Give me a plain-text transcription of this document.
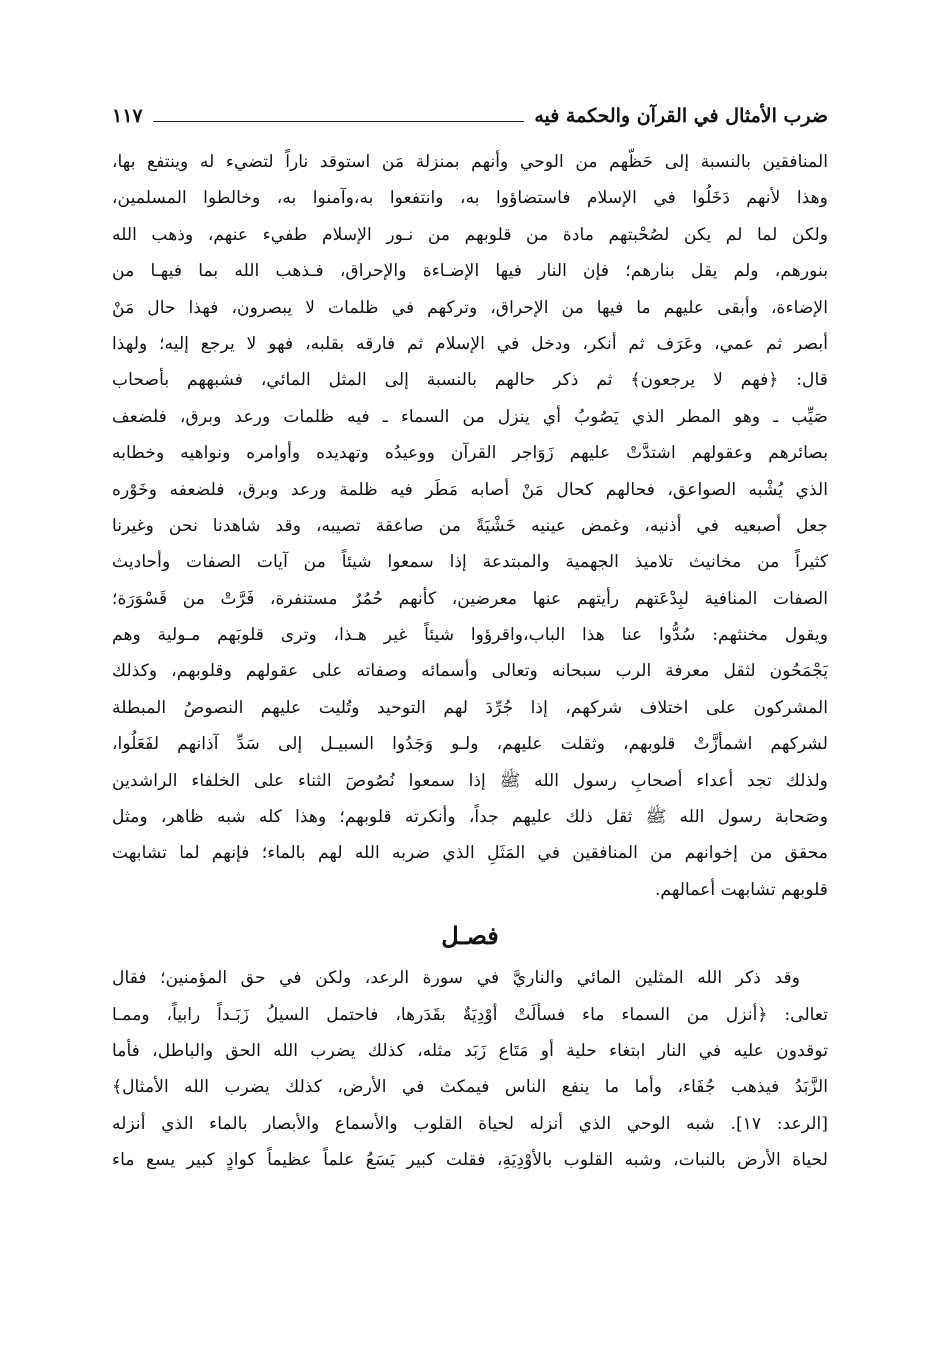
ضرب الأمثال في القرآن والحكمة فيه
١١٧
المنافقين بالنسبة إلى حَظّهم من الوحي وأنهم بمنزلة مَن استوقد ناراً لتضيء له وينتفع بها،
وهذا لأنهم دَخَلُوا في الإسلام فاستضاؤوا به، وانتفعوا به،وآمنوا به، وخالطوا المسلمين،
ولكن لما لم يكن لصُحْبتهم مادة من قلوبهم من نـور الإسلام طفيء عنهم، وذهب الله
بنورهم، ولم يقل بنارهم؛ فإن النار فيها الإضـاءة والإحراق، فـذهب الله بما فيهـا من
الإضاءة، وأبقى عليهم ما فيها من الإحراق، وتركهم في ظلمات لا يبصرون، فهذا حال مَنْ
أبصر ثم عمي، وعَرَف ثم أنكر، ودخل في الإسلام ثم فارقه بقلبه، فهو لا يرجع إليه؛ ولهذا
قال: ﴿فهم لا يرجعون﴾ ثم ذكر حالهم بالنسبة إلى المثل المائي، فشبههم بأصحاب
صَيِّب ـ وهو المطر الذي يَصُوبُ أي ينزل من السماء ـ فيه ظلمات ورعد وبرق، فلضعف
بصائرهم وعقولهم اشتدَّتْ عليهم زَوَاجر القرآن ووعيدُه وتهديده وأوامره ونواهيه وخطابه
الذي يُشْبه الصواعق، فحالهم كحال مَنْ أصابه مَطَر فيه ظلمة ورعد وبرق، فلضعفه وخَوْره
جعل أصبعيه في أذنيه، وغمض عينيه خَشْيَةً من صاعقة تصيبه، وقد شاهدنا نحن وغيرنا
كثيراً من مخانيث تلاميذ الجهمية والمبتدعة إذا سمعوا شيئاً من آيات الصفات وأحاديث
الصفات المنافية لبِدْعَتهم رأيتهم عنها معرضين، كأنهم حُمُرٌ مستنفرة، فَرَّتْ من قَسْوَرَة؛
ويقول مخنثهم: سُدُّوا عنا هذا الباب،واقرؤوا شيئاً غير هـذا، وترى قلوبَهم مـولية وهم
يَجْمَحُون لثقل معرفة الرب سبحانه وتعالى وأسمائه وصفاته على عقولهم وقلوبهم، وكذلك
المشركون على اختلاف شركهم، إذا جُرِّدَ لهم التوحيد وتُليت عليهم النصوصُ المبطلة
لشركهم اشمأزَّتْ قلوبهم، وثقلت عليهم، ولـو وَجَدُوا السبيـل إلى سَدِّ آذانهم لفَعَلُوا،
ولذلك تجد أعداء أصحابِ رسول الله ﷺ إذا سمعوا نُصُوصَ الثناء على الخلفاء الراشدين
وصَحابة رسول الله ﷺ ثقل ذلك عليهم جداً، وأنكرته قلوبهم؛ وهذا كله شبه ظاهر، ومثل
محقق من إخوانهم من المنافقين في المَثَلِ الذي ضربه الله لهم بالماء؛ فإنهم لما تشابهت
قلوبهم تشابهت أعمالهم.
فصـل
وقد ذكر الله المثلين المائي والناريَّ في سورة الرعد، ولكن في حق المؤمنين؛ فقال
تعالى: ﴿أنزل من السماء ماء فسألَتْ أوْدِيَةٌ بقَدَرها، فاحتمل السيلُ زَبَـداً رابياً، وممـا
توقدون عليه في النار ابتغاء حلية أو مَتَاع زَبَد مثله، كذلك يضرب الله الحق والباطل، فأما
الزَّبَدُ فيذهب جُفَاء، وأما ما ينفع الناس فيمكث في الأرض، كذلك يضرب الله الأمثال﴾
[الرعد: ١٧]. شبه الوحي الذي أنزله لحياة القلوب والأسماع والأبصار بالماء الذي أنزله
لحياة الأرض بالنبات، وشبه القلوب بالأوْدِيَةِ، فقلت كبير يَسَعُ علماً عظيماً كوادٍ كبير يسع ماء
